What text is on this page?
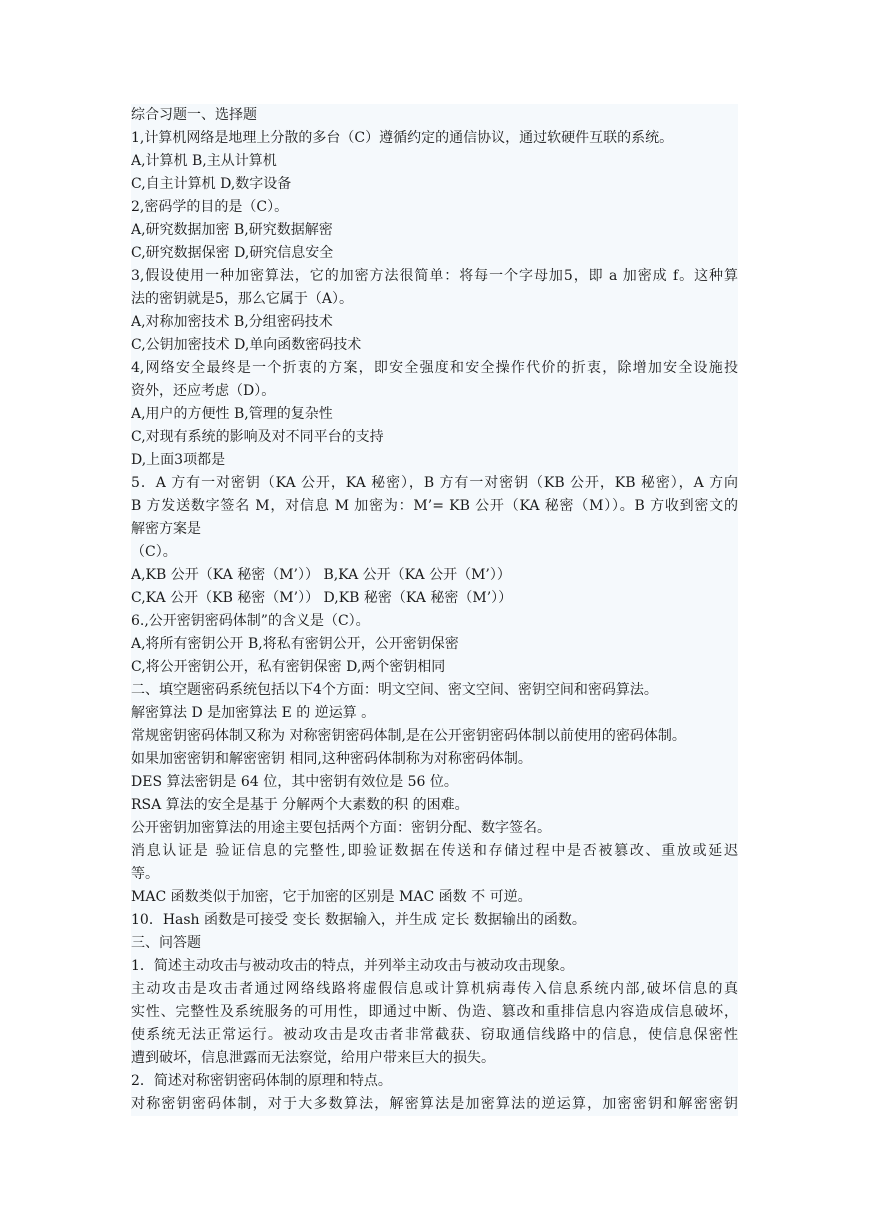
综合习题一、选择题
1,计算机网络是地理上分散的多台（C）遵循约定的通信协议，通过软硬件互联的系统。
A,计算机 B,主从计算机
C,自主计算机 D,数字设备
2,密码学的目的是（C）。
A,研究数据加密 B,研究数据解密
C,研究数据保密 D,研究信息安全
3,假设使用一种加密算法，它的加密方法很简单：将每一个字母加5，即 a 加密成 f。这种算
法的密钥就是5，那么它属于（A）。
A,对称加密技术 B,分组密码技术
C,公钥加密技术 D,单向函数密码技术
4,网络安全最终是一个折衷的方案，即安全强度和安全操作代价的折衷，除增加安全设施投
资外，还应考虑（D）。
A,用户的方便性 B,管理的复杂性
C,对现有系统的影响及对不同平台的支持
D,上面3项都是
5．A 方有一对密钥（KA 公开，KA 秘密），B 方有一对密钥（KB 公开，KB 秘密），A 方向
B 方发送数字签名 M，对信息 M 加密为：M’= KB 公开（KA 秘密（M））。B 方收到密文的
解密方案是
（C）。
A,KB 公开（KA 秘密（M’）） B,KA 公开（KA 公开（M’））
C,KA 公开（KB 秘密（M’）） D,KB 秘密（KA 秘密（M’））
6.,公开密钥密码体制”的含义是（C）。
A,将所有密钥公开 B,将私有密钥公开，公开密钥保密
C,将公开密钥公开，私有密钥保密 D,两个密钥相同
二、填空题密码系统包括以下4个方面：明文空间、密文空间、密钥空间和密码算法。
解密算法 D 是加密算法 E 的 逆运算 。
常规密钥密码体制又称为 对称密钥密码体制,是在公开密钥密码体制以前使用的密码体制。
如果加密密钥和解密密钥 相同,这种密码体制称为对称密码体制。
DES 算法密钥是 64 位，其中密钥有效位是 56 位。
RSA 算法的安全是基于 分解两个大素数的积 的困难。
公开密钥加密算法的用途主要包括两个方面：密钥分配、数字签名。
消息认证是 验证信息的完整性,即验证数据在传送和存储过程中是否被篡改、重放或延迟
等。
MAC 函数类似于加密，它于加密的区别是 MAC 函数 不 可逆。
10．Hash 函数是可接受 变长 数据输入，并生成 定长 数据输出的函数。
三、问答题
1．简述主动攻击与被动攻击的特点，并列举主动攻击与被动攻击现象。
主动攻击是攻击者通过网络线路将虚假信息或计算机病毒传入信息系统内部,破坏信息的真
实性、完整性及系统服务的可用性，即通过中断、伪造、篡改和重排信息内容造成信息破坏，
使系统无法正常运行。被动攻击是攻击者非常截获、窃取通信线路中的信息，使信息保密性
遭到破坏，信息泄露而无法察觉，给用户带来巨大的损失。
2．简述对称密钥密码体制的原理和特点。
对称密钥密码体制，对于大多数算法，解密算法是加密算法的逆运算，加密密钥和解密密钥
